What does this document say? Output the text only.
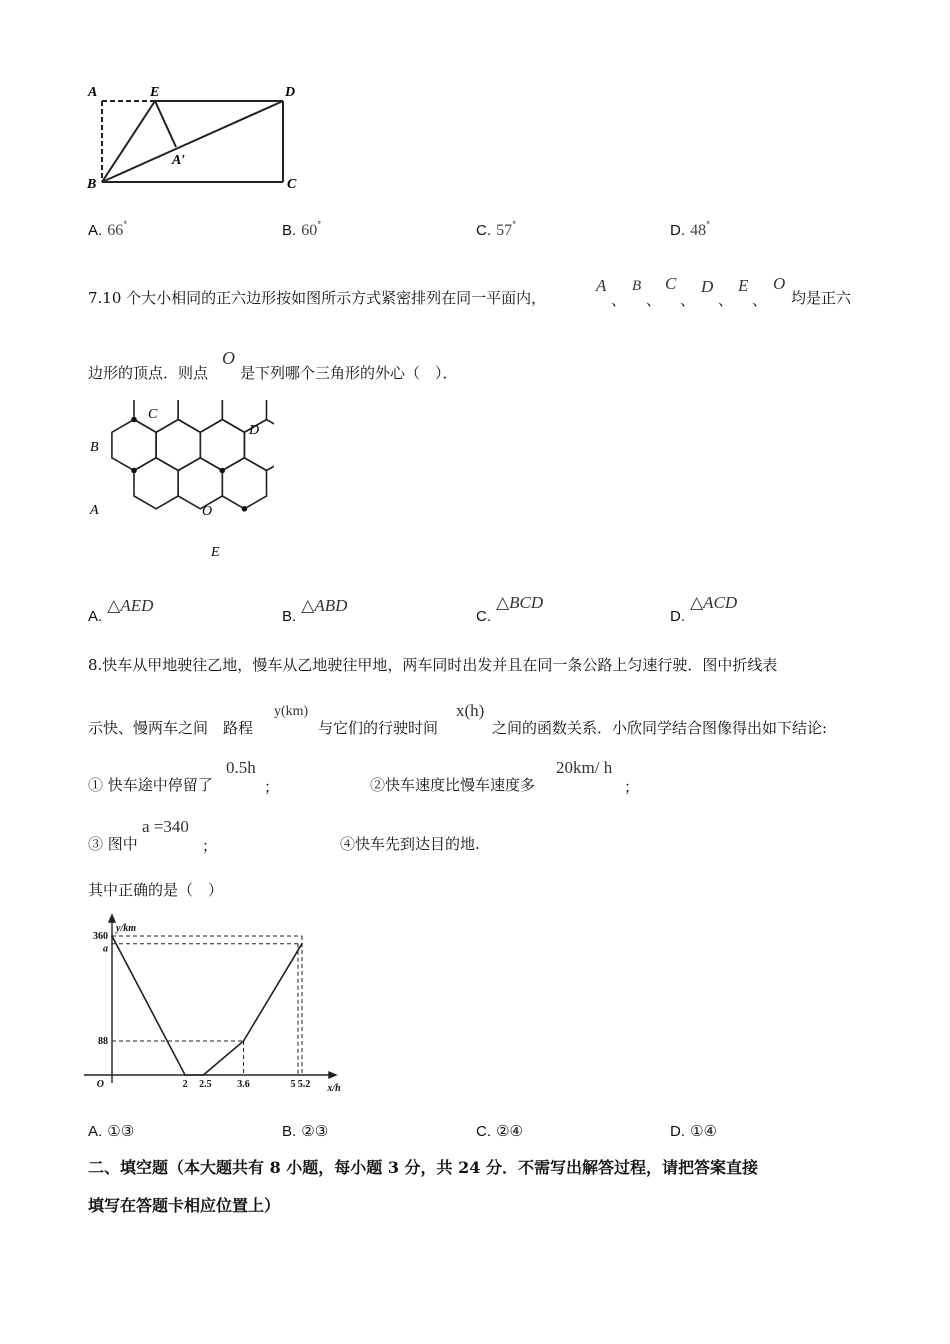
A	E	D
B	C
A′
A. 66°	B. 60°	C. 57°	D. 48°
7.10 个大小相同的正六边形按如图所示方式紧密排列在同一平面内，
A
、
B
、
C
、
D
、
E
、
O
均是正六
边形的顶点．则点
O
是下列哪个三角形的外心（　）．
C
D
B
A	O
E
A. △AED
B. △ABD
C. △BCD
D. △ACD
8.快车从甲地驶往乙地，慢车从乙地驶往甲地，两车同时出发并且在同一条公路上匀速行驶．图中折线表
示快、慢两车之间　路程
y(km)
与它们的行驶时间
x(h)
之间的函数关系．小欣同学结合图像得出如下结论:
① 快车途中停留了
0.5h
；	②快车速度比慢车速度多
20km/ h
；
③ 图中
a =340
；	④快车先到达目的地.
其中正确的是（　）
2 2.5	3.6	5 5.2
y/km
x/h
O
360
a
88
A. ①③	B. ②③	C. ②④	D. ①④
二、填空题（本大题共有 8 小题，每小题 3 分，共 24 分．不需写出解答过程，请把答案直接
填写在答题卡相应位置上）
